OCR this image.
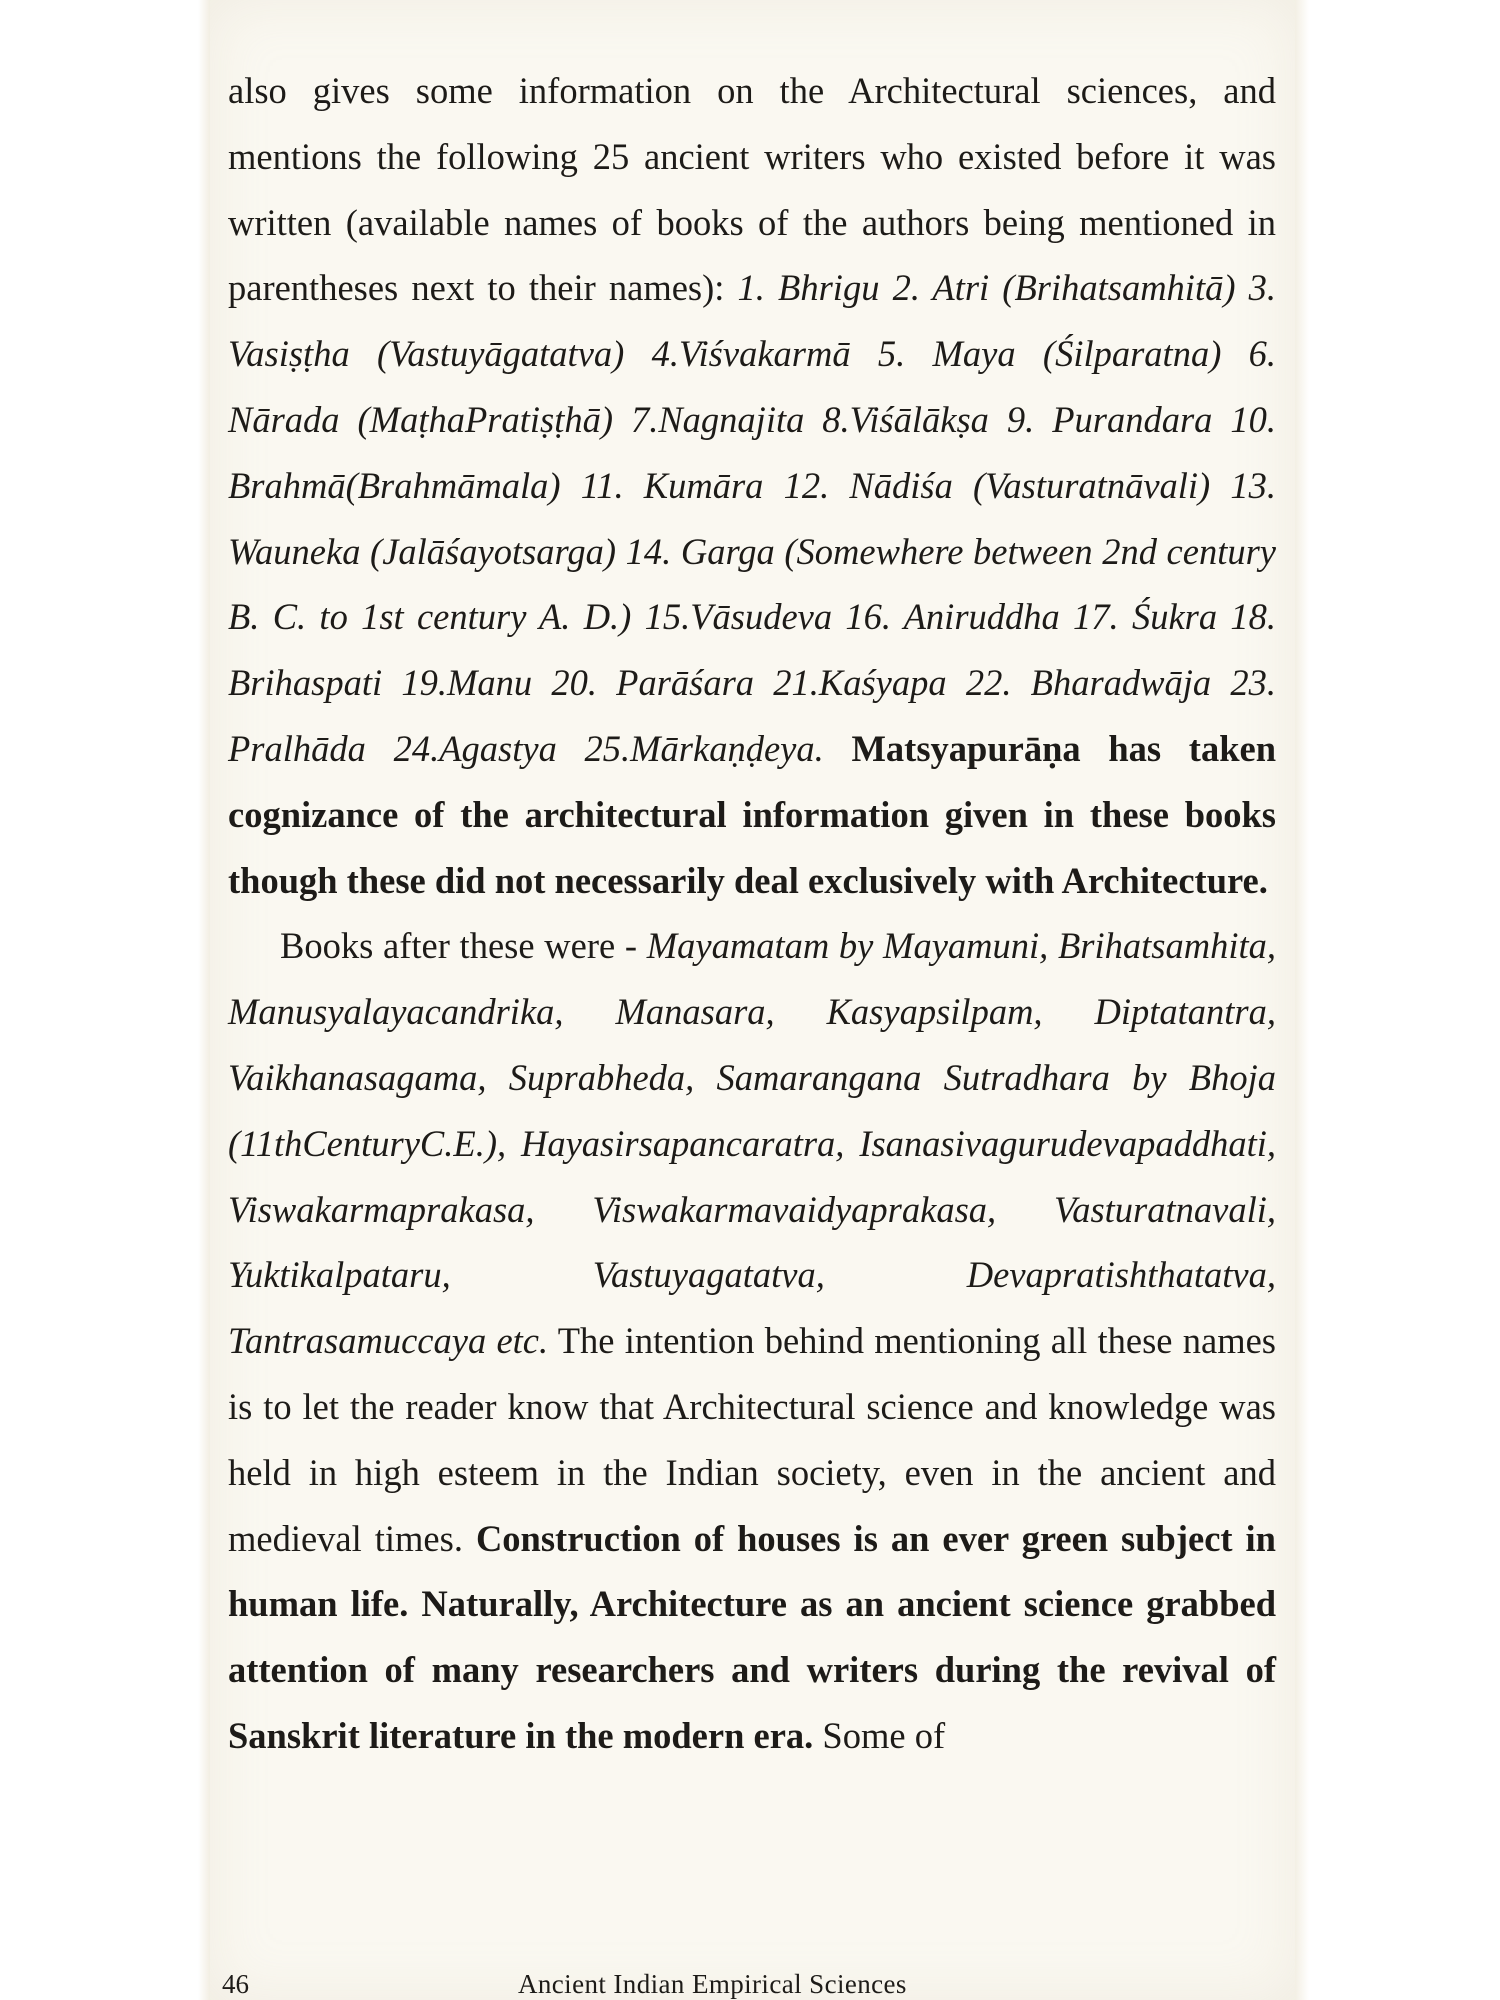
also gives some information on the Architectural sciences, and mentions the following 25 ancient writers who existed before it was written (available names of books of the authors being mentioned in parentheses next to their names): 1. Bhrigu 2. Atri (Brihatsamhitā) 3. Vasiṣṭha (Vastuyāgatatva) 4.Viśvakarmā 5. Maya (Śilparatna) 6. Nārada (MaṭhaPratiṣṭhā) 7.Nagnajita 8.Viśālākṣa 9. Purandara 10. Brahmā(Brahmāmala) 11. Kumāra 12. Nādiśa (Vasturatnāvali) 13. Wauneka (Jalāśayotsarga) 14. Garga (Somewhere between 2nd century B. C. to 1st century A. D.) 15.Vāsudeva 16. Aniruddha 17. Śukra 18. Brihaspati 19.Manu 20. Parāśara 21.Kaśyapa 22. Bharadwāja 23. Pralhāda 24.Agastya 25.Mārkaṇḍeya. Matsyapurāṇa has taken cognizance of the architectural information given in these books though these did not necessarily deal exclusively with Architecture.

Books after these were - Mayamatam by Mayamuni, Brihatsamhita, Manusyalayacandrika, Manasara, Kasyapsilpam, Diptatantra, Vaikhanasagama, Suprabheda, Samarangana Sutradhara by Bhoja (11thCenturyC.E.), Hayasirsapancaratra, Isanasivagurudevapaddhati, Viswakarmaprakasa, Viswakarmavaidyaprakasa, Vasturatnavali, Yuktikalpataru, Vastuyagatatva, Devapratishthatatva, Tantrasamuccaya etc. The intention behind mentioning all these names is to let the reader know that Architectural science and knowledge was held in high esteem in the Indian society, even in the ancient and medieval times. Construction of houses is an ever green subject in human life. Naturally, Architecture as an ancient science grabbed attention of many researchers and writers during the revival of Sanskrit literature in the modern era. Some of

46	Ancient Indian Empirical Sciences
